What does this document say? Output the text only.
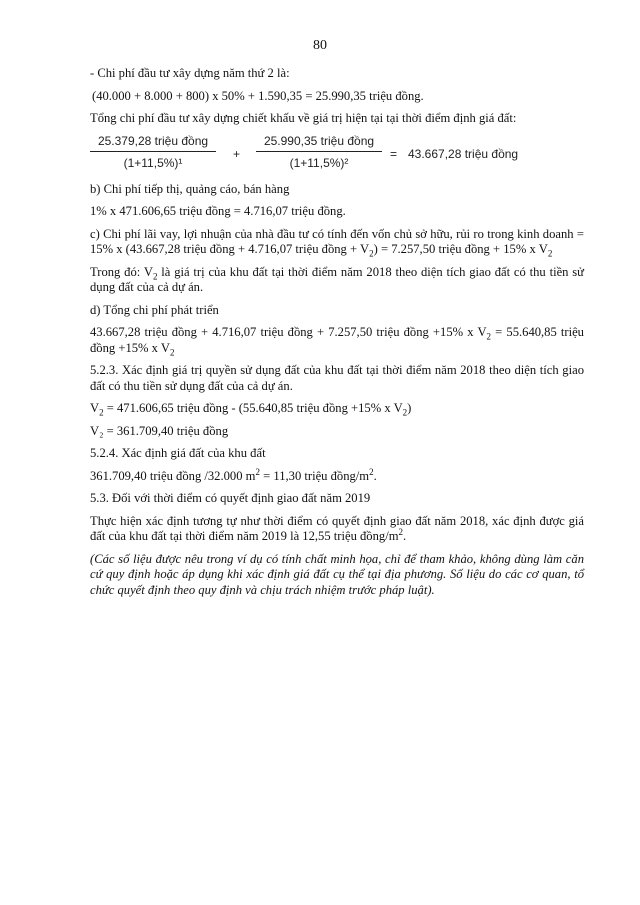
80

- Chi phí đầu tư xây dựng năm thứ 2 là:

(40.000 + 8.000 + 800) x 50% + 1.590,35 = 25.990,35 triệu đồng.

Tổng chi phí đầu tư xây dựng chiết khấu về giá trị hiện tại tại thời điểm định giá đất:

25.379,28 triệu đồng
(1+11,5%)¹
+
25.990,35 triệu đồng
(1+11,5%)²
= 43.667,28 triệu đồng

b) Chi phí tiếp thị, quảng cáo, bán hàng

1% x 471.606,65 triệu đồng = 4.716,07 triệu đồng.

c) Chi phí lãi vay, lợi nhuận của nhà đầu tư có tính đến vốn chủ sở hữu, rủi ro trong kinh doanh = 15% x (43.667,28 triệu đồng + 4.716,07 triệu đồng + $V_2) = 7.257,50$ triệu đồng + 15% x $V_2$

Trong đó: $V_2$ là giá trị của khu đất tại thời điểm năm 2018 theo diện tích giao đất có thu tiền sử dụng đất của cả dự án.

d) Tổng chi phí phát triển

43.667,28 triệu đồng + 4.716,07 triệu đồng + 7.257,50 triệu đồng +15% x $V_2 = 55.640,85$ triệu đồng +15% x $V_2$

5.2.3. Xác định giá trị quyền sử dụng đất của khu đất tại thời điểm năm 2018 theo diện tích giao đất có thu tiền sử dụng đất của cả dự án.

$V_2 = 471.606,65$ triệu đồng - (55.640,85 triệu đồng +15% x $V_2$)

V₂ = 361.709,40 triệu đồng

5.2.4. Xác định giá đất của khu đất

361.709,40 triệu đồng /32.000 $m^2 = 11,30$ triệu đồng/$m^2$.

5.3. Đối với thời điểm có quyết định giao đất năm 2019

Thực hiện xác định tương tự như thời điểm có quyết định giao đất năm 2018, xác định được giá đất của khu đất tại thời điểm năm 2019 là 12,55 triệu đồng/$m^2$.

(Các số liệu được nêu trong ví dụ có tính chất minh họa, chỉ để tham khảo, không dùng làm căn cứ quy định hoặc áp dụng khi xác định giá đất cụ thể tại địa phương. Số liệu do các cơ quan, tổ chức quyết định theo quy định và chịu trách nhiệm trước pháp luật).
